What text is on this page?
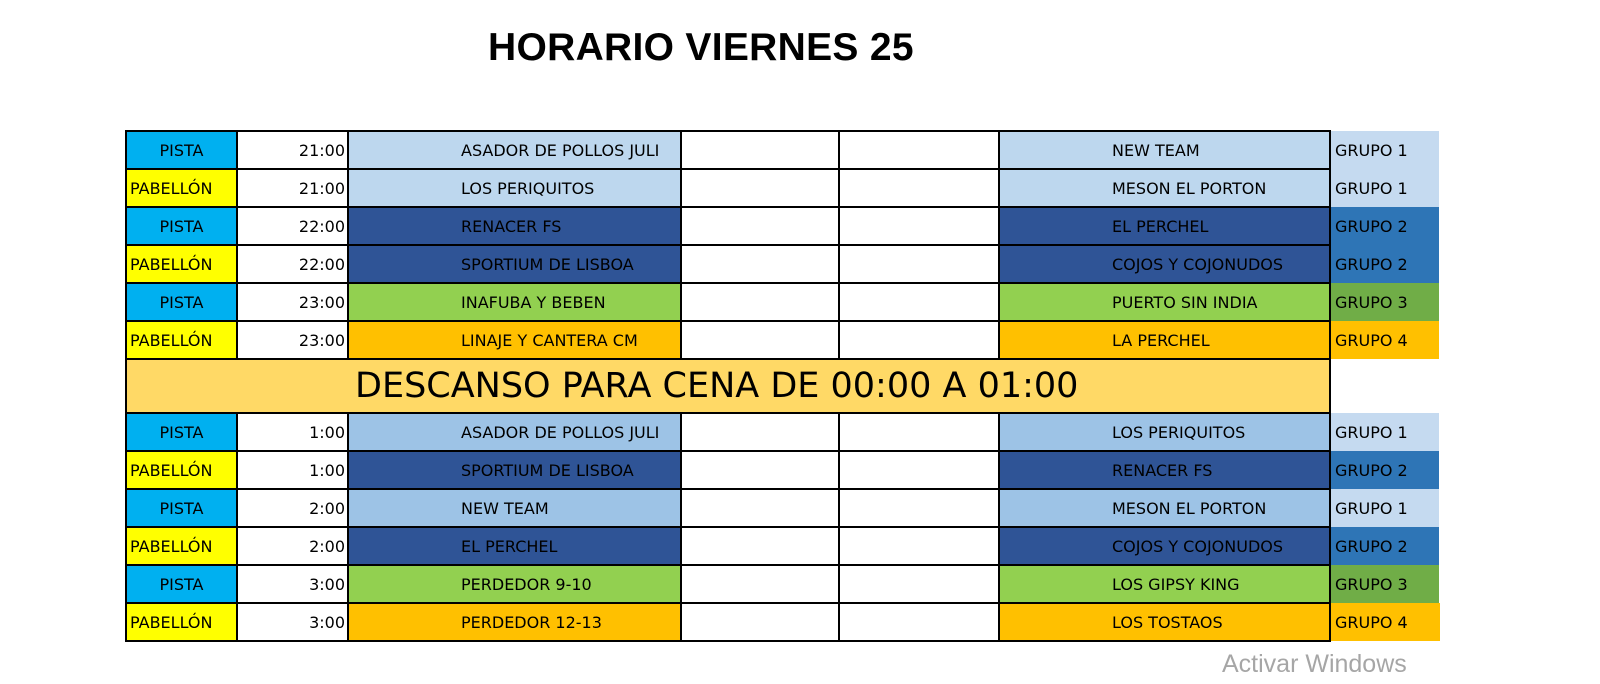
HORARIO VIERNES 25
PISTA	21:00	ASADOR DE POLLOS JULI			NEW TEAM	GRUPO 1
PABELLÓN	21:00	LOS PERIQUITOS			MESON EL PORTON	GRUPO 1
PISTA	22:00	RENACER FS			EL PERCHEL	GRUPO 2
PABELLÓN	22:00	SPORTIUM DE LISBOA			COJOS Y COJONUDOS	GRUPO 2
PISTA	23:00	INAFUBA Y BEBEN			PUERTO SIN INDIA	GRUPO 3
PABELLÓN	23:00	LINAJE Y CANTERA CM			LA PERCHEL	GRUPO 4
DESCANSO PARA CENA DE 00:00 A 01:00						
PISTA	1:00	ASADOR DE POLLOS JULI			LOS PERIQUITOS	GRUPO 1
PABELLÓN	1:00	SPORTIUM DE LISBOA			RENACER FS	GRUPO 2
PISTA	2:00	NEW TEAM			MESON EL PORTON	GRUPO 1
PABELLÓN	2:00	EL PERCHEL			COJOS Y COJONUDOS	GRUPO 2
PISTA	3:00	PERDEDOR 9-10			LOS GIPSY KING	GRUPO 3
PABELLÓN	3:00	PERDEDOR 12-13			LOS TOSTAOS	GRUPO 4
Activar Windows
